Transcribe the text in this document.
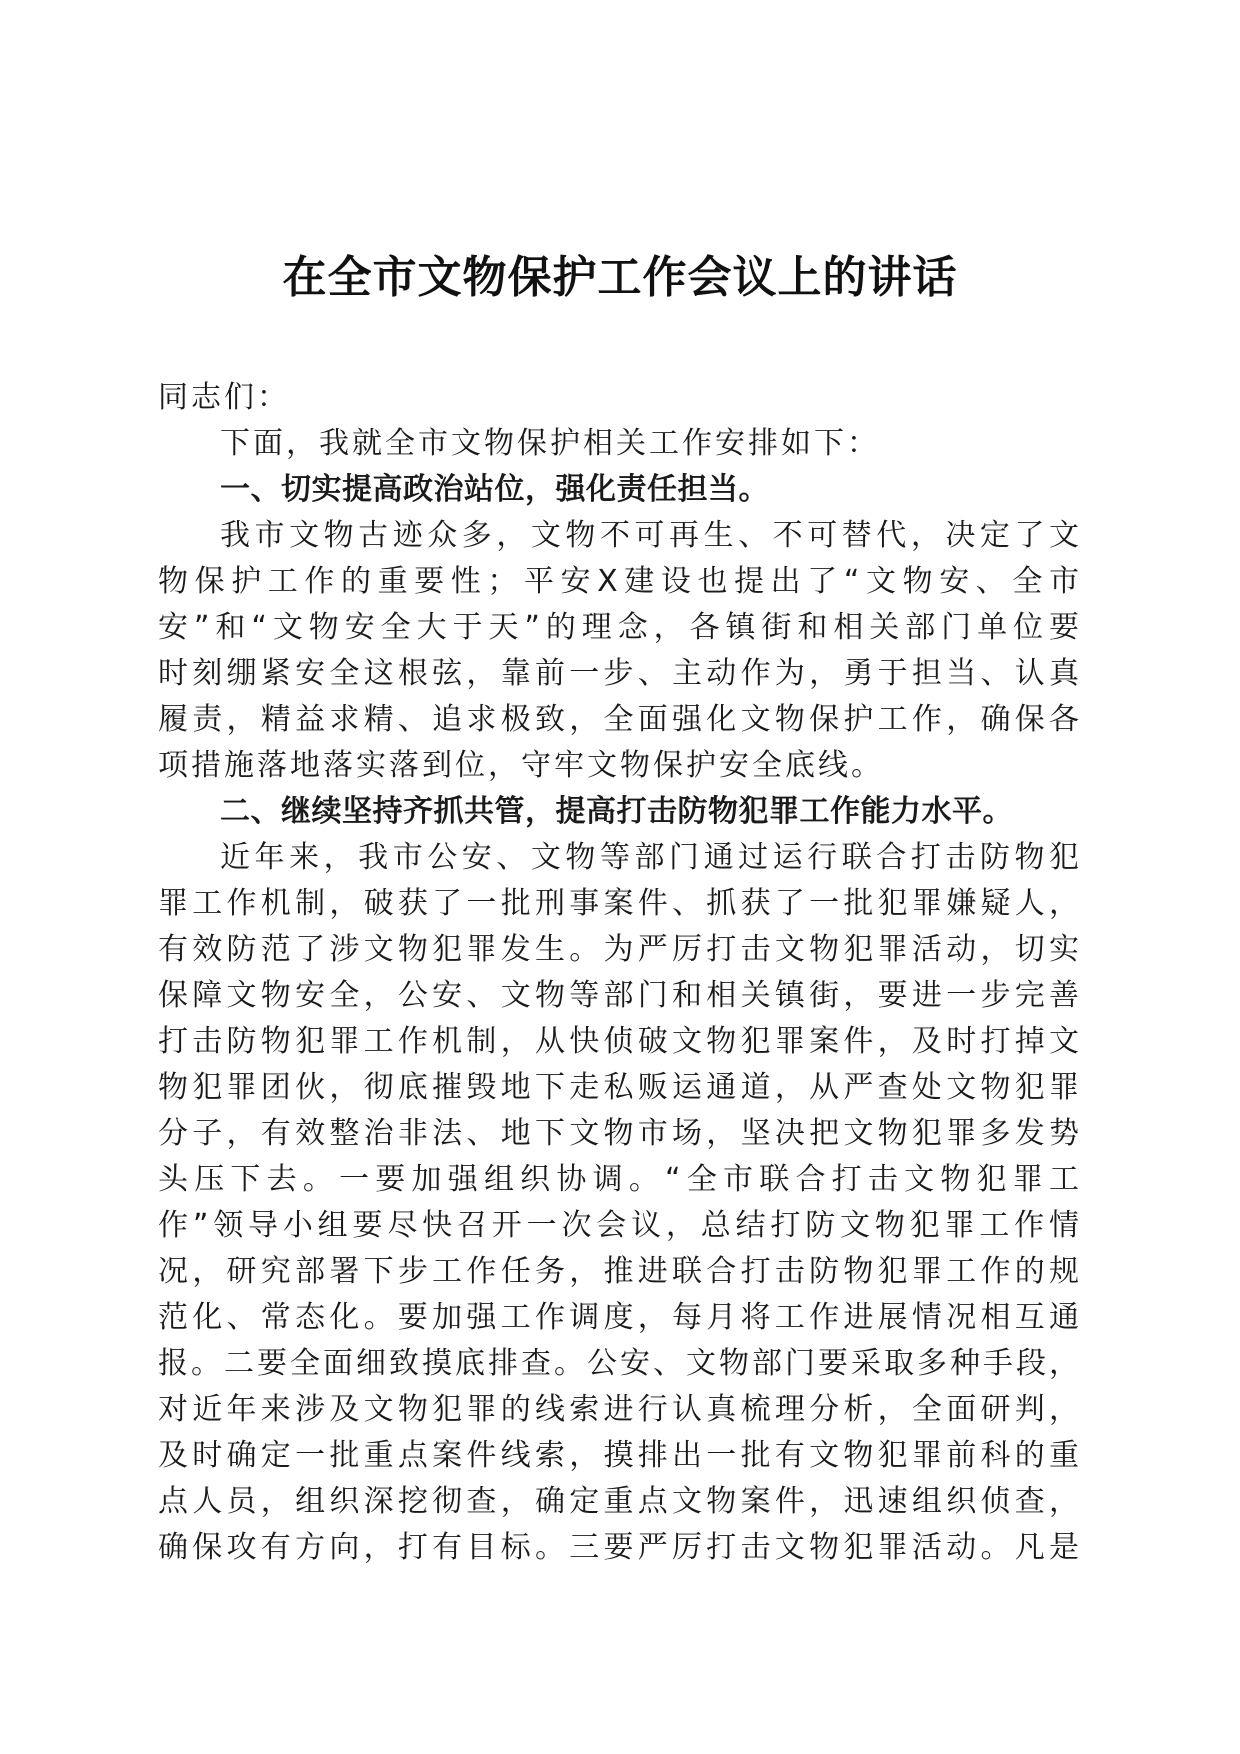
在全市文物保护工作会议上的讲话
同志们：
下面，我就全市文物保护相关工作安排如下：
一、切实提高政治站位，强化责任担当。
我市文物古迹众多，文物不可再生、不可替代，决定了文
物保护工作的重要性；平安X建设也提出了“文物安、全市
安”和“文物安全大于天”的理念，各镇街和相关部门单位要
时刻绷紧安全这根弦，靠前一步、主动作为，勇于担当、认真
履责，精益求精、追求极致，全面强化文物保护工作，确保各
项措施落地落实落到位，守牢文物保护安全底线。
二、继续坚持齐抓共管，提高打击防物犯罪工作能力水平。
近年来，我市公安、文物等部门通过运行联合打击防物犯
罪工作机制，破获了一批刑事案件、抓获了一批犯罪嫌疑人，
有效防范了涉文物犯罪发生。为严厉打击文物犯罪活动，切实
保障文物安全，公安、文物等部门和相关镇街，要进一步完善
打击防物犯罪工作机制，从快侦破文物犯罪案件，及时打掉文
物犯罪团伙，彻底摧毁地下走私贩运通道，从严查处文物犯罪
分子，有效整治非法、地下文物市场，坚决把文物犯罪多发势
头压下去。一要加强组织协调。“全市联合打击文物犯罪工
作”领导小组要尽快召开一次会议，总结打防文物犯罪工作情
况，研究部署下步工作任务，推进联合打击防物犯罪工作的规
范化、常态化。要加强工作调度，每月将工作进展情况相互通
报。二要全面细致摸底排查。公安、文物部门要采取多种手段，
对近年来涉及文物犯罪的线索进行认真梳理分析，全面研判，
及时确定一批重点案件线索，摸排出一批有文物犯罪前科的重
点人员，组织深挖彻查，确定重点文物案件，迅速组织侦查，
确保攻有方向，打有目标。三要严厉打击文物犯罪活动。凡是
